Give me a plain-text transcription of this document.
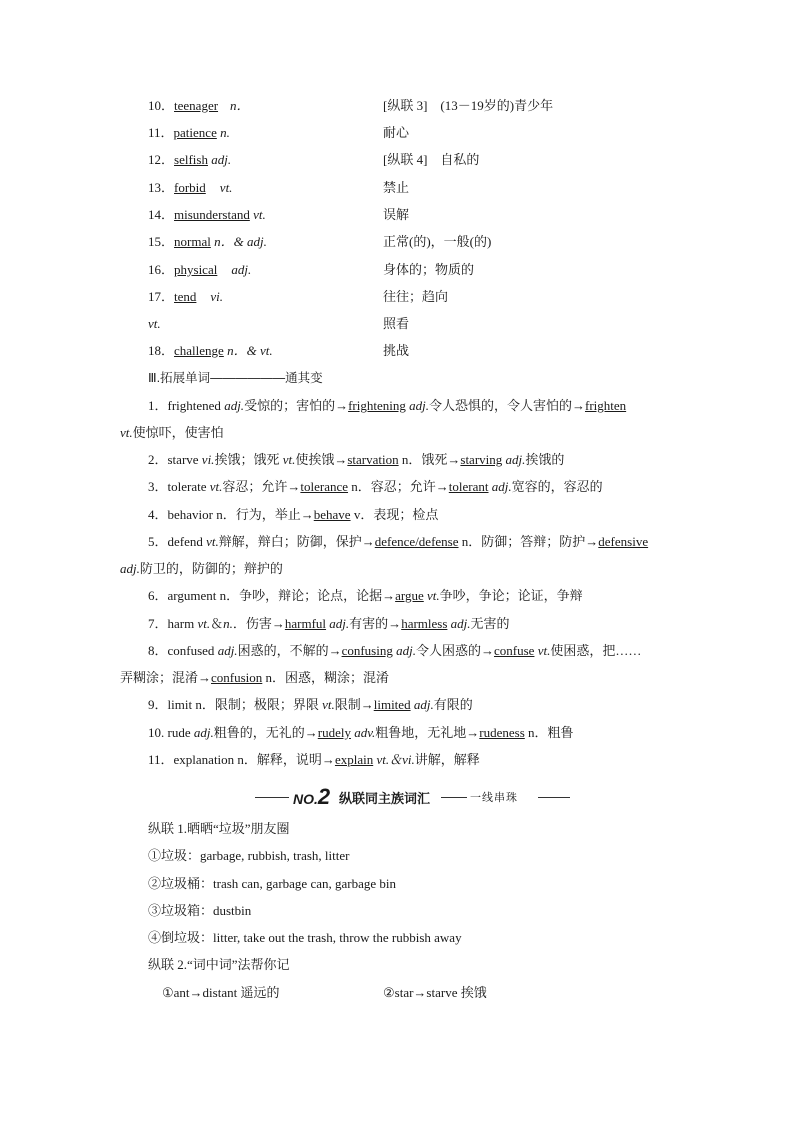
10．teenager n．	[纵联 3]　(13－19岁的)青少年
11．patience n.	耐心
12．selfish adj.	[纵联 4]　自私的
13．forbid vt.	禁止
14．misunderstand vt.	误解
15．normal n．& adj.	正常(的)，一般(的)
16．physical adj.	身体的；物质的
17．tend vi.	往往；趋向
vt.	照看
18．challenge n．& vt.	挑战
Ⅲ.拓展单词——————通其变
1．frightened adj.受惊的；害怕的→frightening adj.令人恐惧的，令人害怕的→frighten
vt.使惊吓，使害怕
2．starve vi.挨饿；饿死 vt.使挨饿→starvation n．饿死→starving adj.挨饿的
3．tolerate vt.容忍；允许→tolerance n．容忍；允许→tolerant adj.宽容的，容忍的
4．behavior n．行为，举止→behave v．表现；检点
5．defend vt.辩解，辩白；防御，保护→defence/defense n．防御；答辩；防护→defensive
adj.防卫的，防御的；辩护的
6．argument n．争吵，辩论；论点，论据→argue vt.争吵，争论；论证，争辩
7．harm vt.＆n.．伤害→harmful adj.有害的→harmless adj.无害的
8．confused adj.困惑的，不解的→confusing adj.令人困惑的→confuse vt.使困惑，把……
弄糊涂；混淆→confusion n．困惑，糊涂；混淆
9．limit n．限制；极限；界限 vt.限制→limited adj.有限的
10. rude adj.粗鲁的，无礼的→rudely adv.粗鲁地，无礼地→rudeness n．粗鲁
11．explanation n．解释，说明→explain vt.＆vi.讲解，解释
NO.2 纵联同主族词汇	一线串珠
纵联 1.晒晒“垃圾”朋友圈
①垃圾：garbage, rubbish, trash, litter
②垃圾桶：trash can, garbage can, garbage bin
③垃圾箱：dustbin
④倒垃圾：litter, take out the trash, throw the rubbish away
纵联 2.“词中词”法帮你记
①ant→distant 遥远的	②star→starve 挨饿
